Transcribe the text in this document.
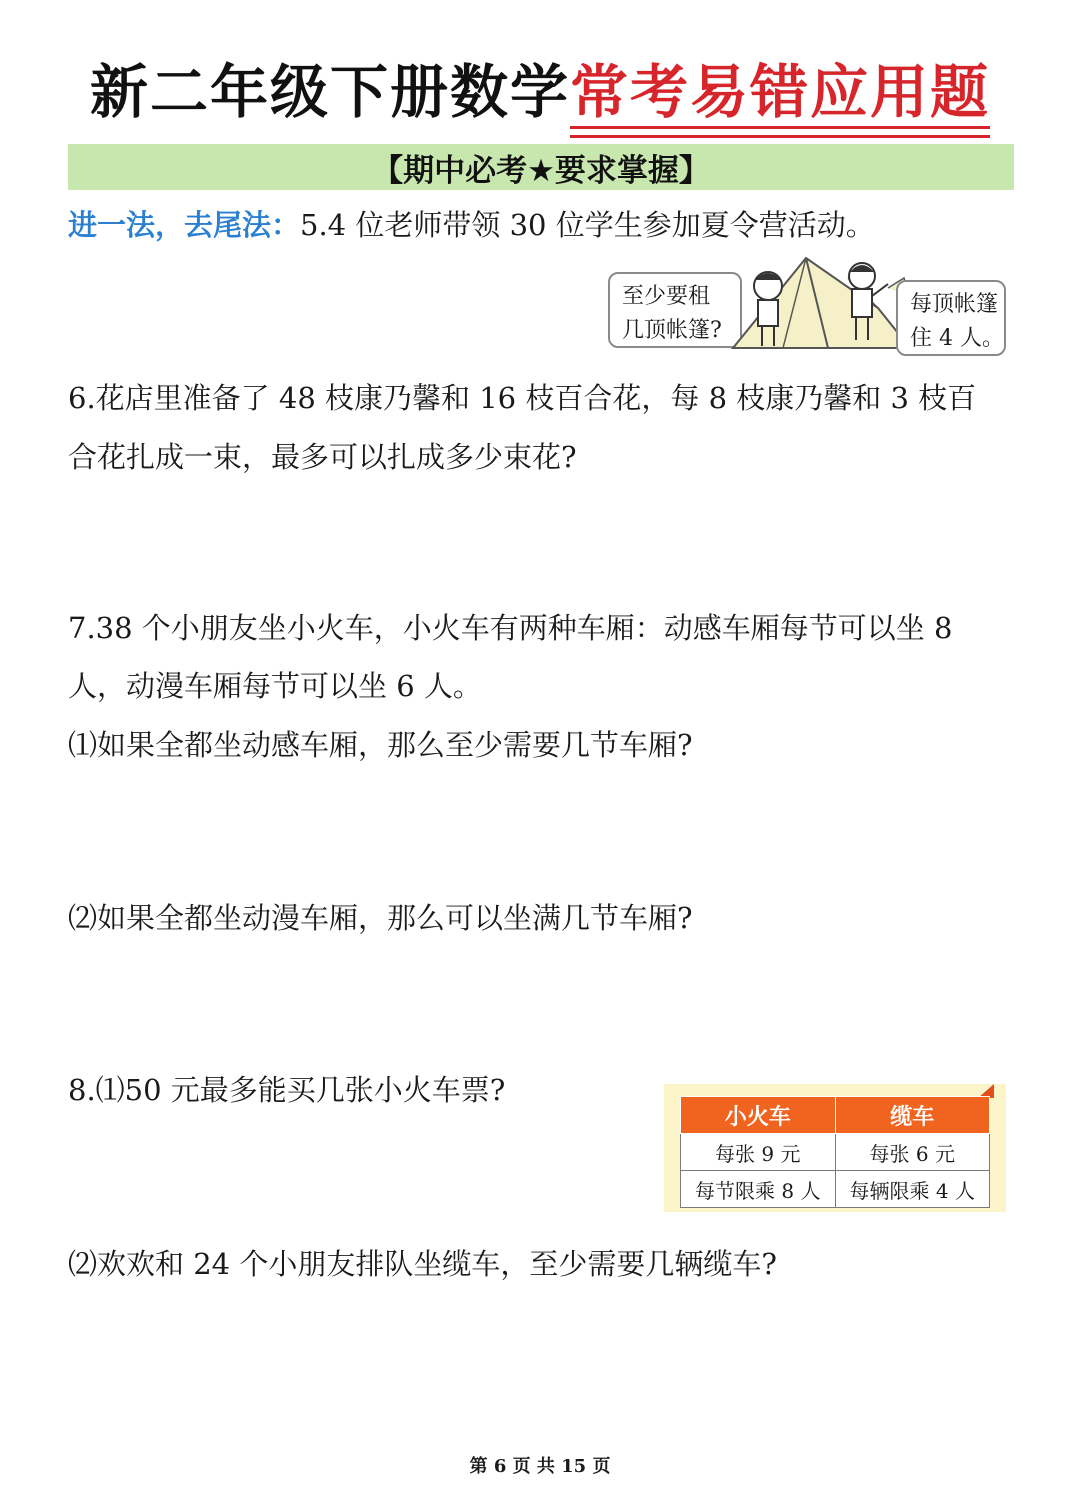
新二年级下册数学常考易错应用题
【期中必考★要求掌握】
进一法，去尾法：5.4 位老师带领 30 位学生参加夏令营活动。
至少要租
几顶帐篷?
每顶帐篷
住 4 人。
6.花店里准备了 48 枝康乃馨和 16 枝百合花，每 8 枝康乃馨和 3 枝百
合花扎成一束，最多可以扎成多少束花?
7.38 个小朋友坐小火车，小火车有两种车厢：动感车厢每节可以坐 8
人，动漫车厢每节可以坐 6 人。
⑴如果全都坐动感车厢，那么至少需要几节车厢?
⑵如果全都坐动漫车厢，那么可以坐满几节车厢?
8.⑴50 元最多能买几张小火车票?
小火车	缆车
每张 9 元	每张 6 元
每节限乘 8 人	每辆限乘 4 人
⑵欢欢和 24 个小朋友排队坐缆车，至少需要几辆缆车?
第 6 页 共 15 页
